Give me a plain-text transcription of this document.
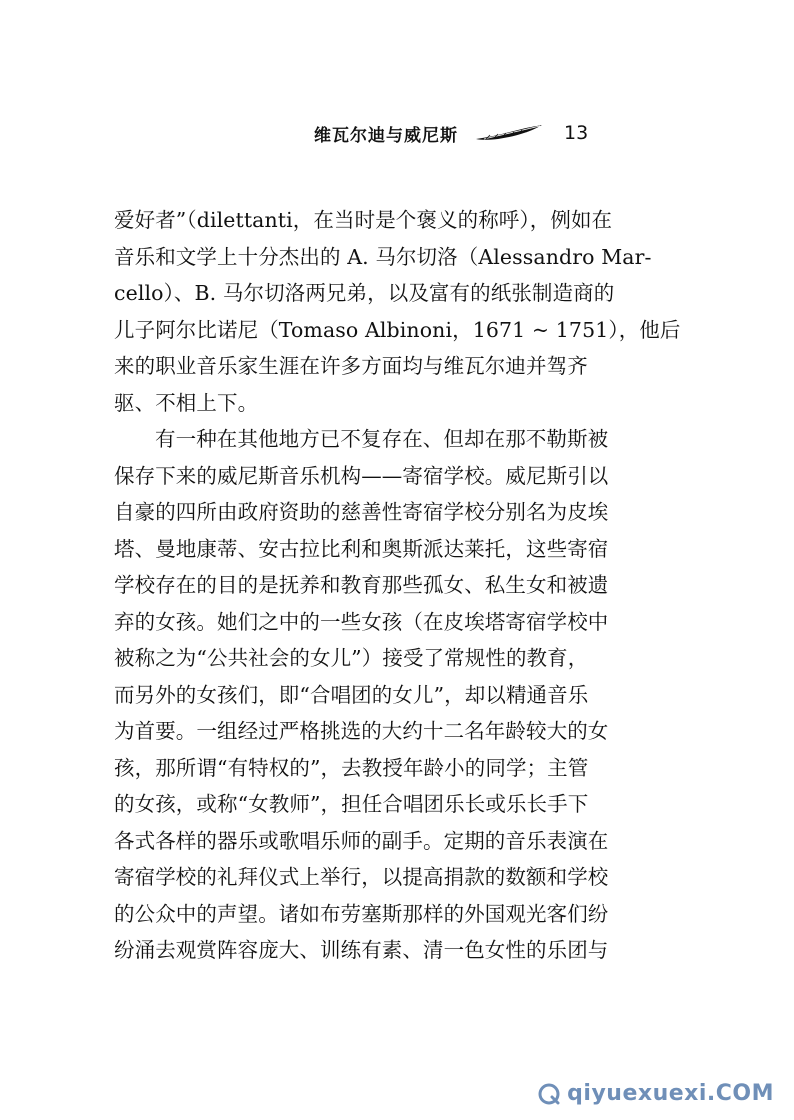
维瓦尔迪与威尼斯	13
爱好者”（dilettanti，在当时是个褒义的称呼），例如在
音乐和文学上十分杰出的 A. 马尔切洛（Alessandro Mar-
cello）、B. 马尔切洛两兄弟，以及富有的纸张制造商的
儿子阿尔比诺尼（Tomaso Albinoni，1671 ~ 1751），他后
来的职业音乐家生涯在许多方面均与维瓦尔迪并驾齐
驱、不相上下。
有一种在其他地方已不复存在、但却在那不勒斯被
保存下来的威尼斯音乐机构——寄宿学校。威尼斯引以
自豪的四所由政府资助的慈善性寄宿学校分别名为皮埃
塔、曼地康蒂、安古拉比利和奥斯派达莱托，这些寄宿
学校存在的目的是抚养和教育那些孤女、私生女和被遗
弃的女孩。她们之中的一些女孩（在皮埃塔寄宿学校中
被称之为“公共社会的女儿”）接受了常规性的教育，
而另外的女孩们，即“合唱团的女儿”，却以精通音乐
为首要。一组经过严格挑选的大约十二名年龄较大的女
孩，那所谓“有特权的”，去教授年龄小的同学；主管
的女孩，或称“女教师”，担任合唱团乐长或乐长手下
各式各样的器乐或歌唱乐师的副手。定期的音乐表演在
寄宿学校的礼拜仪式上举行，以提高捐款的数额和学校
的公众中的声望。诸如布劳塞斯那样的外国观光客们纷
纷涌去观赏阵容庞大、训练有素、清一色女性的乐团与
qiyuexuexi.COM
